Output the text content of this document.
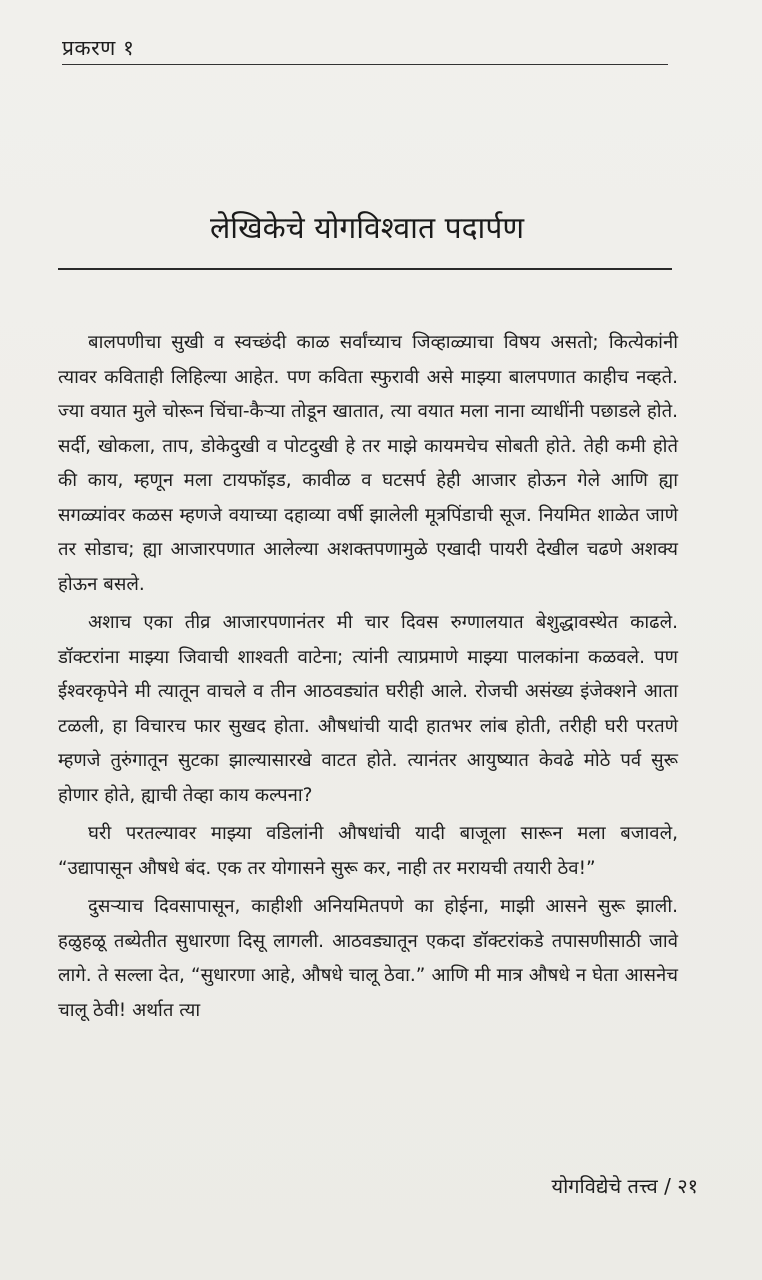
प्रकरण १
लेखिकेचे योगविश्वात पदार्पण

बालपणीचा सुखी व स्वच्छंदी काळ सर्वांच्याच जिव्हाळ्याचा विषय असतो; कित्येकांनी त्यावर कविताही लिहिल्या आहेत. पण कविता स्फुरावी असे माझ्या बालपणात काहीच नव्हते. ज्या वयात मुले चोरून चिंचा-कैऱ्या तोडून खातात, त्या वयात मला नाना व्याधींनी पछाडले होते. सर्दी, खोकला, ताप, डोकेदुखी व पोटदुखी हे तर माझे कायमचेच सोबती होते. तेही कमी होते की काय, म्हणून मला टायफॉइड, कावीळ व घटसर्प हेही आजार होऊन गेले आणि ह्या सगळ्यांवर कळस म्हणजे वयाच्या दहाव्या वर्षी झालेली मूत्रपिंडाची सूज. नियमित शाळेत जाणे तर सोडाच; ह्या आजारपणात आलेल्या अशक्तपणामुळे एखादी पायरी देखील चढणे अशक्य होऊन बसले.

अशाच एका तीव्र आजारपणानंतर मी चार दिवस रुग्णालयात बेशुद्धावस्थेत काढले. डॉक्टरांना माझ्या जिवाची शाश्वती वाटेना; त्यांनी त्याप्रमाणे माझ्या पालकांना कळवले. पण ईश्वरकृपेने मी त्यातून वाचले व तीन आठवड्यांत घरीही आले. रोजची असंख्य इंजेक्शने आता टळली, हा विचारच फार सुखद होता. औषधांची यादी हातभर लांब होती, तरीही घरी परतणे म्हणजे तुरुंगातून सुटका झाल्यासारखे वाटत होते. त्यानंतर आयुष्यात केवढे मोठे पर्व सुरू होणार होते, ह्याची तेव्हा काय कल्पना?

घरी परतल्यावर माझ्या वडिलांनी औषधांची यादी बाजूला सारून मला बजावले, “उद्यापासून औषधे बंद. एक तर योगासने सुरू कर, नाही तर मरायची तयारी ठेव!”

दुसऱ्याच दिवसापासून, काहीशी अनियमितपणे का होईना, माझी आसने सुरू झाली. हळुहळू तब्येतीत सुधारणा दिसू लागली. आठवड्यातून एकदा डॉक्टरांकडे तपासणीसाठी जावे लागे. ते सल्ला देत, “सुधारणा आहे, औषधे चालू ठेवा.” आणि मी मात्र औषधे न घेता आसनेच चालू ठेवी! अर्थात त्या

योगविद्येचे तत्त्व / २१
